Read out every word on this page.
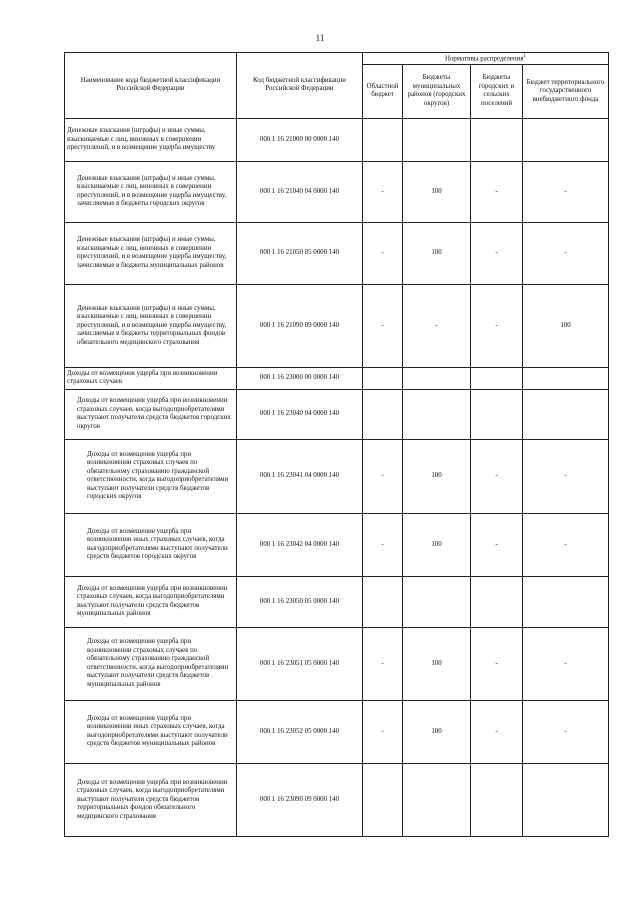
11
Наименование кода бюджетной классификации Российской Федерации	Код бюджетной классификации Российской Федерации	Нормативы распределения$^1$
		Областной бюджет	Бюджеты муниципальных районов (городских округов)	Бюджеты городских и сельских поселений	Бюджет территориального государственного внебюджетного фонда
Денежные взыскания (штрафы) и иные суммы, взыскиваемые с лиц, виновных в совершении преступлений, и в возмещение ущерба имуществу	000 1 16 21000 00 0000 140				
Денежные взыскания (штрафы) и иные суммы, взыскиваемые с лиц, виновных в совершении преступлений, и в возмещение ущерба имуществу, зачисляемые в бюджеты городских округов	000 1 16 21040 04 0000 140	-	100	-	-
Денежные взыскания (штрафы) и иные суммы, взыскиваемые с лиц, виновных в совершении преступлений, и в возмещение ущерба имуществу, зачисляемые в бюджеты муниципальных районов	000 1 16 21050 05 0000 140	-	100	-	-
Денежные взыскания (штрафы) и иные суммы, взыскиваемые с лиц, виновных в совершении преступлений, и в возмещение ущерба имуществу, зачисляемые в бюджеты территориальных фондов обязательного медицинского страхования	000 1 16 21090 09 0000 140	-	-	-	100
Доходы от возмещения ущерба при возникновении страховых случаев	000 1 16 23000 00 0000 140				
Доходы от возмещения ущерба при возникновении страховых случаев, когда выгодоприобретателями выступают получатели средств бюджетов городских округов	000 1 16 23040 04 0000 140				
Доходы от возмещения ущерба при возникновении страховых случаев по обязательному страхованию гражданской ответственности, когда выгодоприобретателями выступают получатели средств бюджетов городских округов	000 1 16 23041 04 0000 140	-	100	-	-
Доходы от возмещения ущерба при возникновении иных страховых случаев, когда выгодоприобретателями выступают получатели средств бюджетов городских округов	000 1 16 23042 04 0000 140	-	100	-	-
Доходы от возмещения ущерба при возникновении страховых случаев, когда выгодоприобретателями выступают получатели средств бюджетов муниципальных районов	000 1 16 23050 05 0000 140				
Доходы от возмещения ущерба при возникновении страховых случаев по обязательному страхованию гражданской ответственности, когда выгодоприобретателями выступают получатели средств бюджетов муниципальных районов	000 1 16 23051 05 0000 140	-	100	-	-
Доходы от возмещения ущерба при возникновении иных страховых случаев, когда выгодоприобретателями выступают получатели средств бюджетов муниципальных районов	000 1 16 23052 05 0000 140	-	100	-	-
Доходы от возмещения ущерба при возникновении страховых случаев, когда выгодоприобретателями выступают получатели средств бюджетов территориальных фондов обязательного медицинского страхования	000 1 16 23090 09 0000 140				
